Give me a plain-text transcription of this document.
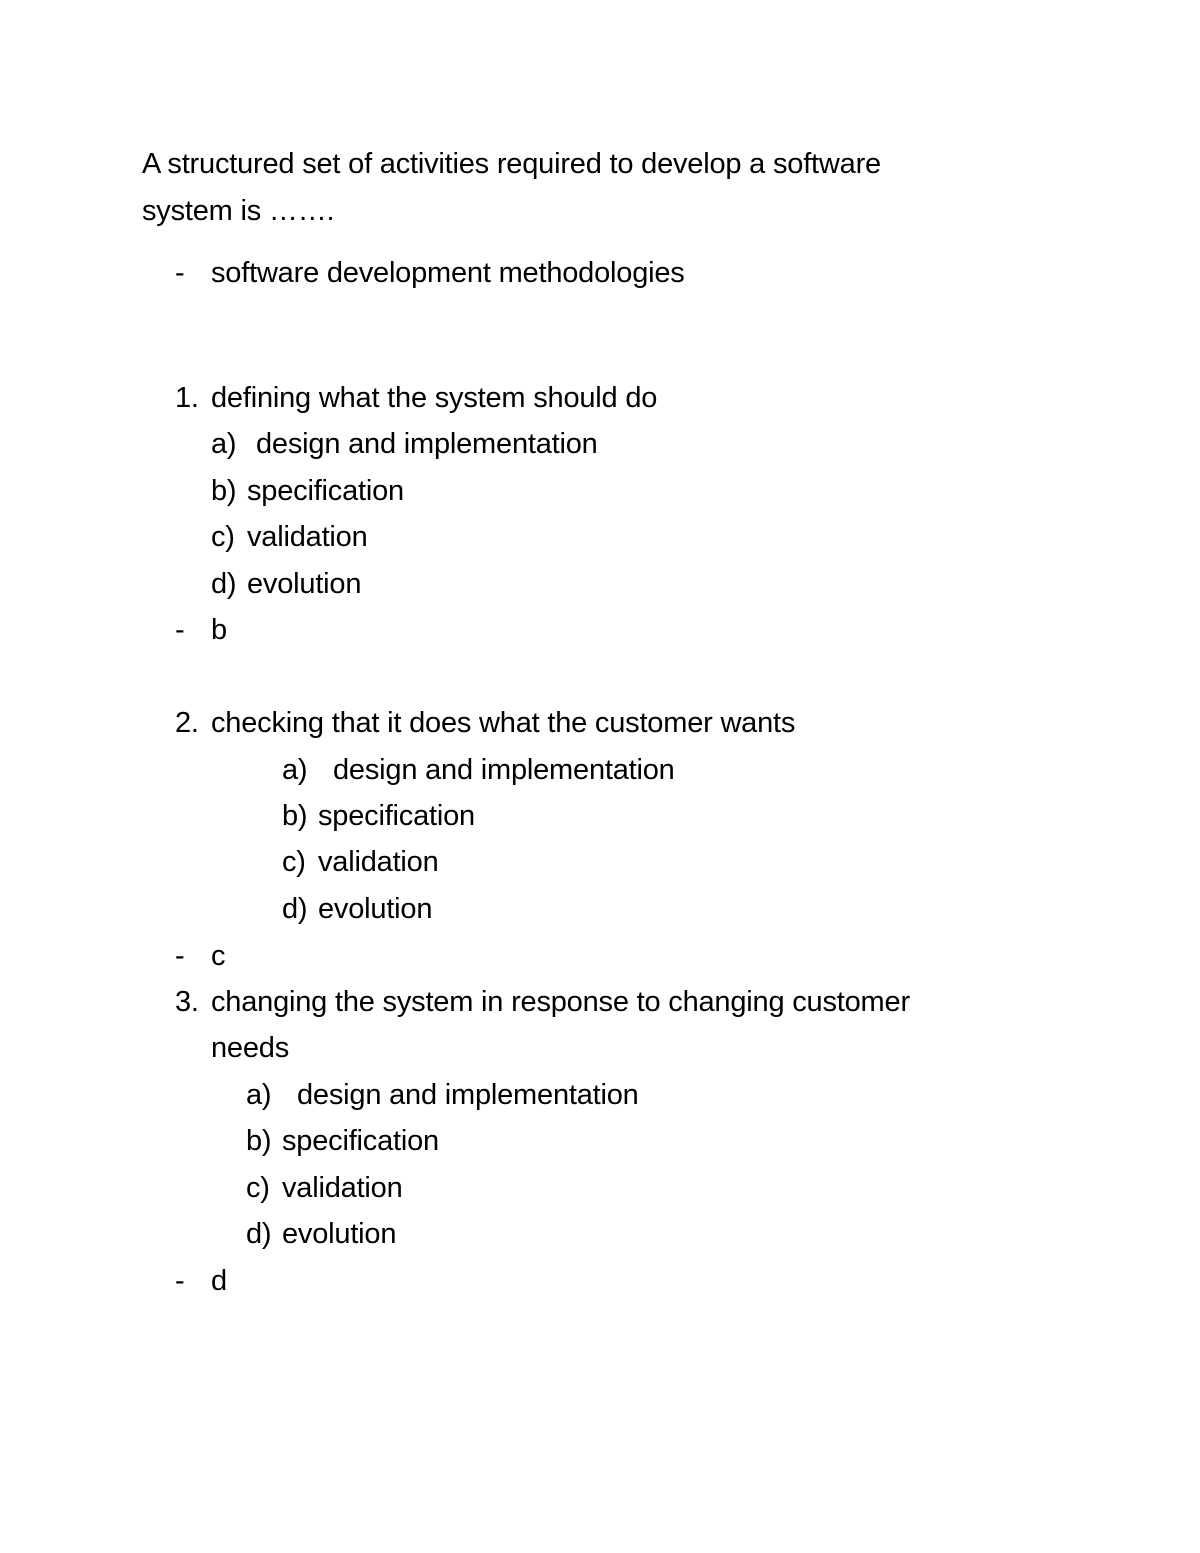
A structured set of activities required to develop a software
system is …….
- software development methodologies
1. defining what the system should do
a) design and implementation
b) specification
c) validation
d) evolution
- b
2. checking that it does what the customer wants
a) design and implementation
b) specification
c) validation
d) evolution
- c
3. changing the system in response to changing customer
needs
a) design and implementation
b) specification
c) validation
d) evolution
- d
